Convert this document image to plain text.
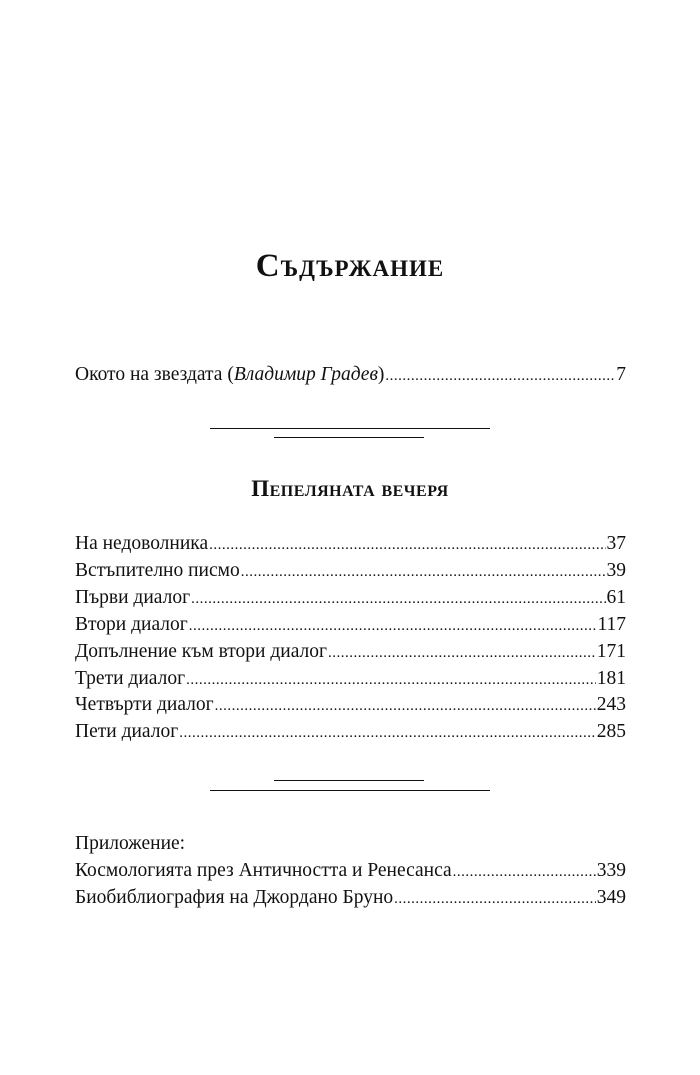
Съдържание
Окото на звездата (Владимир Градев) .....	7
Пепеляната вечеря
На недоволника .....	37
Встъпително писмо .....	39
Първи диалог .....	61
Втори диалог .....	117
Допълнение към втори диалог .....	171
Трети диалог .....	181
Четвърти диалог .....	243
Пети диалог .....	285
Приложение:
Космологията през Античността и Ренесанса .....	339
Биобиблиография на Джордано Бруно .....	349
